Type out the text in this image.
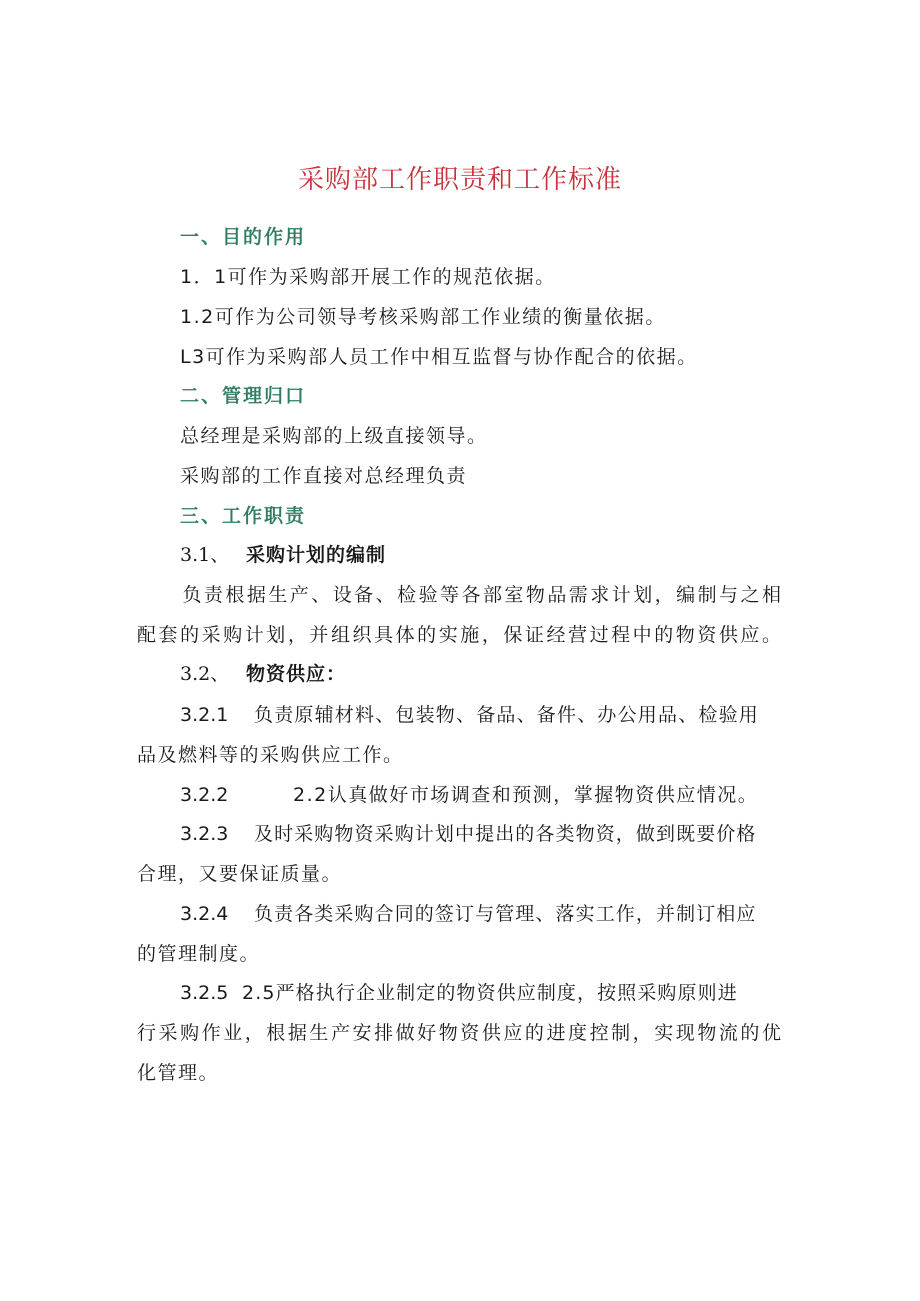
采购部工作职责和工作标准
一、目的作用
1．1可作为采购部开展工作的规范依据。
1.2可作为公司领导考核采购部工作业绩的衡量依据。
L3可作为采购部人员工作中相互监督与协作配合的依据。
二、管理归口
总经理是采购部的上级直接领导。
采购部的工作直接对总经理负责
三、工作职责
3.1、 采购计划的编制
负责根据生产、设备、检验等各部室物品需求计划，编制与之相
配套的采购计划，并组织具体的实施，保证经营过程中的物资供应。
3.2、 物资供应：
3.2.1 负责原辅材料、包装物、备品、备件、办公用品、检验用
品及燃料等的采购供应工作。
3.2.2	2.2认真做好市场调查和预测，掌握物资供应情况。
3.2.3 及时采购物资采购计划中提出的各类物资，做到既要价格
合理，又要保证质量。
3.2.4 负责各类采购合同的签订与管理、落实工作，并制订相应
的管理制度。
3.2.5 2.5严格执行企业制定的物资供应制度，按照采购原则进
行采购作业，根据生产安排做好物资供应的进度控制，实现物流的优
化管理。
